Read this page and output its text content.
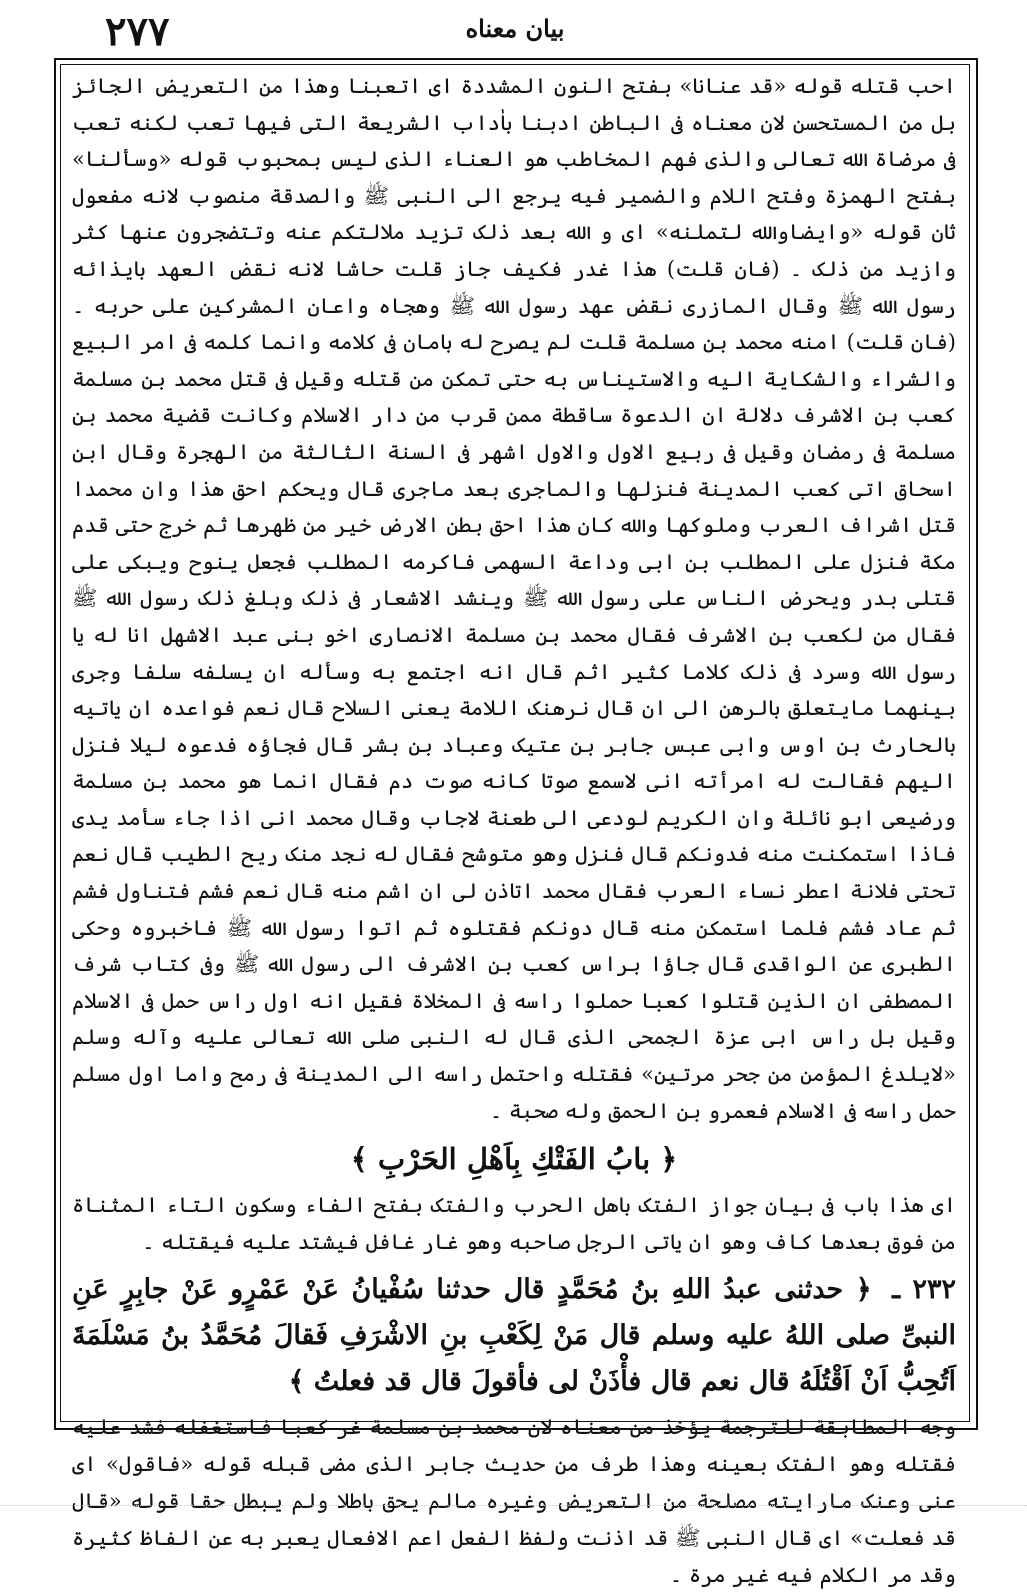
۲۷۷	بیان معناه

احب قتله قوله «قد عنانا» بفتح النون المشددة ای اتعبنا وهذا من التعریض الجائز بل من المستحسن لان معناه فی الباطن ادبنا باٰداب الشریعة التی فیها تعب لکنه تعب فی مرضاة الله تعالی والذی فهم المخاطب هو العناء الذی لیس بمحبوب قوله «وسألنا» بفتح الهمزة وفتح اللام والضمیر فیه یرجع الی النبی ﷺ والصدقة منصوب لانه مفعول ثان قوله «وایضاوالله لتملنه» ای و الله بعد ذلک تزید ملالتکم عنه وتتضجرون عنها کثر وازید من ذلک ۔ (فان قلت) هذا غدر فکیف جاز قلت حاشا لانه نقض العهد بایذائه رسول الله ﷺ وقال المازری نقض عهد رسول الله ﷺ وهجاه واعان المشرکین علی حربه ۔ (فان قلت) امنه محمد بن مسلمة قلت لم یصرح له بامان فی کلامه وانما کلمه فی امر البیع والشراء والشکایة الیه والاستیناس به حتی تمکن من قتله وقیل فی قتل محمد بن مسلمة کعب بن الاشرف دلالة ان الدعوة ساقطة ممن قرب من دار الاسلام وکانت قضیة محمد بن مسلمة فی رمضان وقیل فی ربیع الاول والاول اشهر فی السنة الثالثة من الهجرة وقال ابن اسحاق اتی کعب المدینة فنزلها والماجری بعد ماجری قال ویحکم احق هذا وان محمدا قتل اشراف العرب وملوکها والله کان هذا احق بطن الارض خیر من ظهرها ثم خرج حتی قدم مکة فنزل علی المطلب بن ابی وداعة السهمی فاکرمه المطلب فجعل ینوح ویبکی علی قتلی بدر ویحرض الناس علی رسول الله ﷺ وینشد الاشعار فی ذلک وبلغ ذلک رسول الله ﷺ فقال من لکعب بن الاشرف فقال محمد بن مسلمة الانصاری اخو بنی عبد الاشهل انا له یا رسول الله وسرد فی ذلک کلاما کثیر اثم قال انه اجتمع به وسأله ان یسلفه سلفا وجری بینهما مایتعلق بالرهن الی ان قال نرهنک اللامة یعنی السلاح قال نعم فواعده ان یاتیه بالحارث بن اوس وابی عبس جابر بن عتیک وعباد بن بشر قال فجاؤه فدعوه لیلا فنزل الیهم فقالت له امرأته انی لاسمع صوتا کانه صوت دم فقال انما هو محمد بن مسلمة ورضیعی ابو نائلة وان الکریم لودعی الی طعنة لاجاب وقال محمد انی اذا جاء سأمد یدی فاذا استمکنت منه فدونکم قال فنزل وهو متوشح فقال له نجد منک ریح الطیب قال نعم تحتی فلانة اعطر نساء العرب فقال محمد اتاذن لی ان اشم منه قال نعم فشم فتناول فشم ثم عاد فشم فلما استمکن منه قال دونکم فقتلوه ثم اتوا رسول الله ﷺ فاخبروه وحکی الطبری عن الواقدی قال جاؤا براس کعب بن الاشرف الی رسول الله ﷺ وفی کتاب شرف المصطفی ان الذین قتلوا کعبا حملوا راسه فی المخلاة فقیل انه اول راس حمل فی الاسلام وقیل بل راس ابی عزة الجمحی الذی قال له النبی صلی الله تعالی علیه وآله وسلم «لایلدغ المؤمن من جحر مرتین» فقتله واحتمل راسه الی المدینة فی رمح واما اول مسلم حمل راسه فی الاسلام فعمرو بن الحمق وله صحبة ۔

﴿ بابُ الفَتْكِ بِاَهْلِ الحَرْبِ ﴾

ای هذا باب فی بیان جواز الفتک باهل الحرب والفتک بفتح الفاء وسکون التاء المثناة من فوق بعدها کاف وهو ان یاتی الرجل صاحبه وهو غار غافل فیشتد علیه فیقتله ۔

۲۳۲ ـ ﴿ حدثنی عبدُ اللهِ بنُ مُحَمَّدٍ قال حدثنا سُفْیانُ عَنْ عَمْرٍو عَنْ جابِرٍ عَنِ النبیِّ صلی اللهُ علیه وسلم قال مَنْ لِکَعْبِ بنِ الاشْرَفِ فَقالَ مُحَمَّدُ بنُ مَسْلَمَةَ اَتُحِبُّ اَنْ اَقْتُلَهُ قال نعم قال فأْذَنْ لی فأقولَ قال قد فعلتُ ﴾

وجه المطابقة للترجمة یؤخذ من معناه لان محمد بن مسلمة غر کعبا فاستغفله فشد علیه فقتله وهو الفتک بعینه وهذا طرف من حدیث جابر الذی مضی قبله قوله «فاقول» ای عنی وعنک مارایته مصلحة من التعریض وغیره مالم یحق باطلا ولم یبطل حقا قوله «قال قد فعلت» ای قال النبی ﷺ قد اذنت ولفظ الفعل اعم الافعال یعبر به عن الفاظ کثیرة وقد مر الکلام فیه غیر مرة ۔
